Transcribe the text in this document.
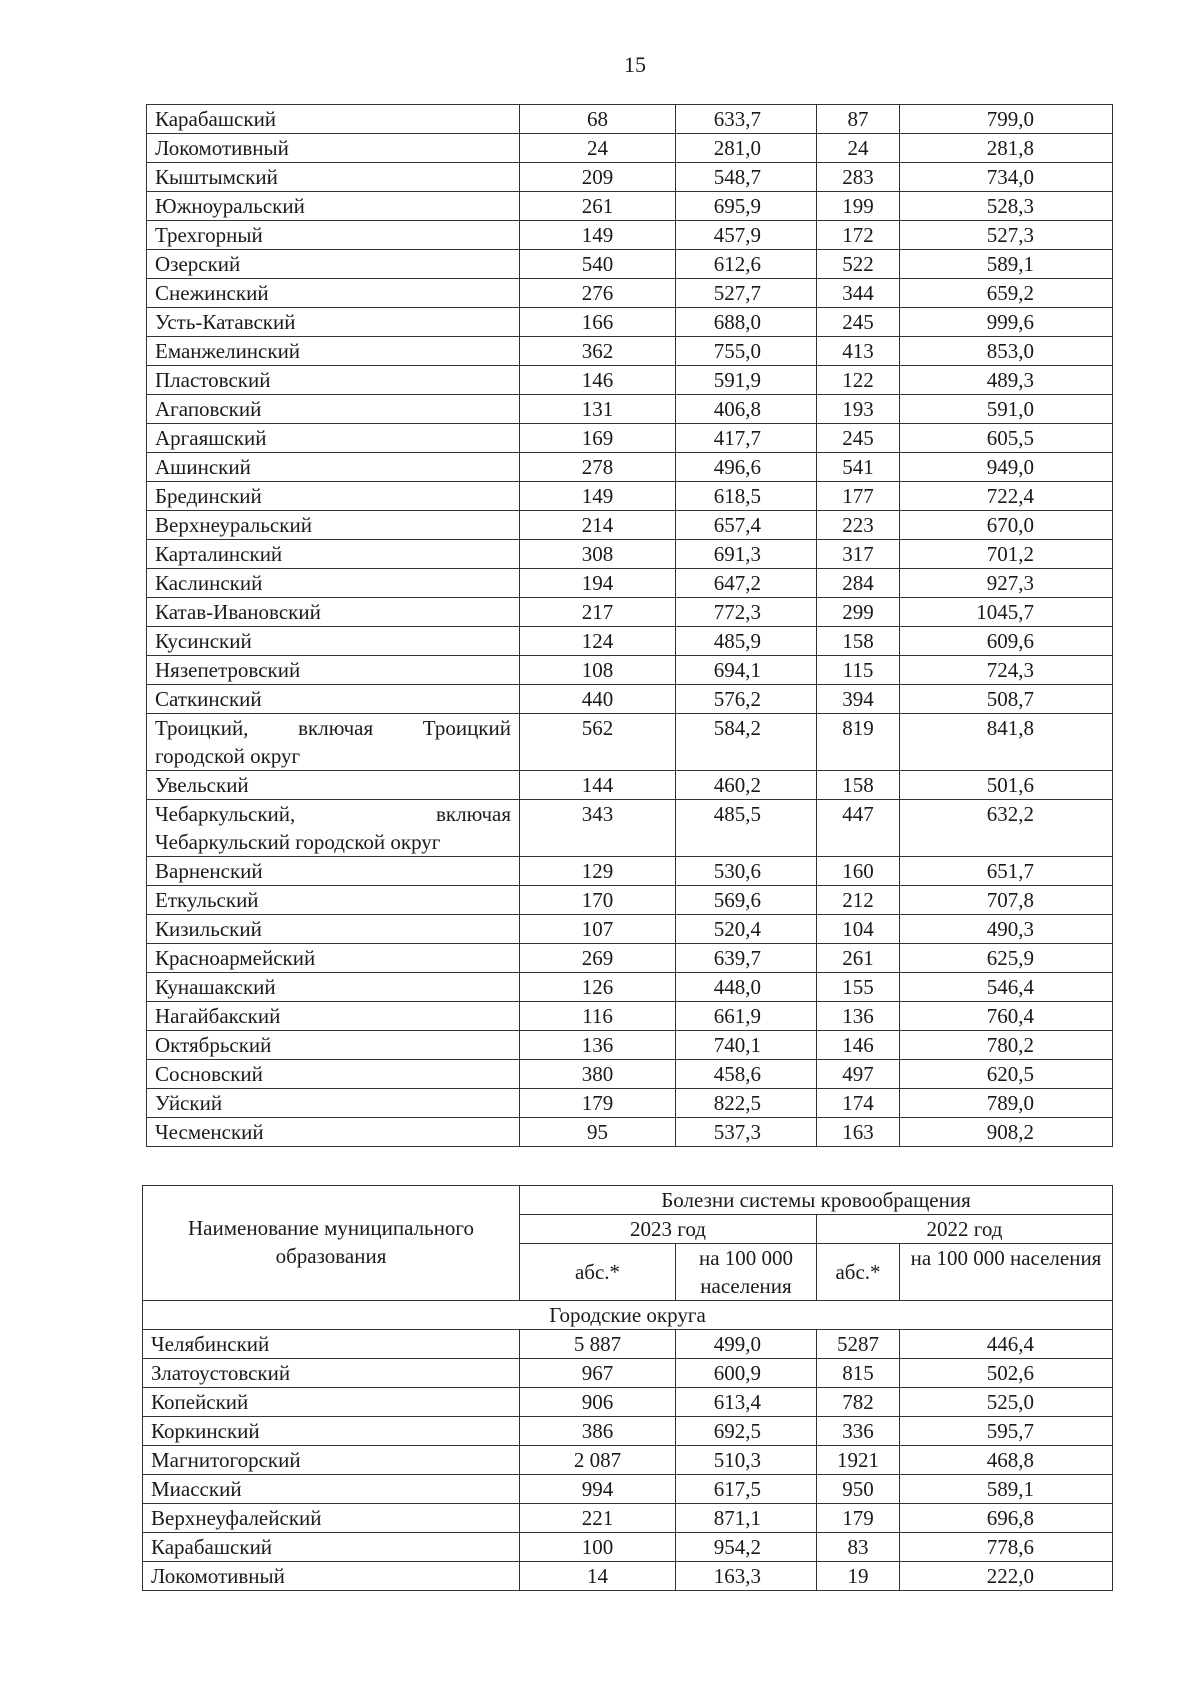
15
Карабашский	68	633,7	87	799,0
Локомотивный	24	281,0	24	281,8
Кыштымский	209	548,7	283	734,0
Южноуральский	261	695,9	199	528,3
Трехгорный	149	457,9	172	527,3
Озерский	540	612,6	522	589,1
Снежинский	276	527,7	344	659,2
Усть-Катавский	166	688,0	245	999,6
Еманжелинский	362	755,0	413	853,0
Пластовский	146	591,9	122	489,3
Агаповский	131	406,8	193	591,0
Аргаяшский	169	417,7	245	605,5
Ашинский	278	496,6	541	949,0
Брединский	149	618,5	177	722,4
Верхнеуральский	214	657,4	223	670,0
Карталинский	308	691,3	317	701,2
Каслинский	194	647,2	284	927,3
Катав-Ивановский	217	772,3	299	1045,7
Кусинский	124	485,9	158	609,6
Нязепетровский	108	694,1	115	724,3
Саткинский	440	576,2	394	508,7
Троицкий, включая Троицкий городской округ	562	584,2	819	841,8
Увельский	144	460,2	158	501,6
Чебаркульский, включая Чебаркульский городской округ	343	485,5	447	632,2
Варненский	129	530,6	160	651,7
Еткульский	170	569,6	212	707,8
Кизильский	107	520,4	104	490,3
Красноармейский	269	639,7	261	625,9
Кунашакский	126	448,0	155	546,4
Нагайбакский	116	661,9	136	760,4
Октябрьский	136	740,1	146	780,2
Сосновский	380	458,6	497	620,5
Уйский	179	822,5	174	789,0
Чесменский	95	537,3	163	908,2
Наименование муниципального образования	Болезни системы кровообращения			
	2023 год		2022 год	
	абс.*	на 100 000 населения	абс.*	на 100 000 населения
Городские округа				
Челябинский	5 887	499,0	5287	446,4
Златоустовский	967	600,9	815	502,6
Копейский	906	613,4	782	525,0
Коркинский	386	692,5	336	595,7
Магнитогорский	2 087	510,3	1921	468,8
Миасский	994	617,5	950	589,1
Верхнеуфалейский	221	871,1	179	696,8
Карабашский	100	954,2	83	778,6
Локомотивный	14	163,3	19	222,0
